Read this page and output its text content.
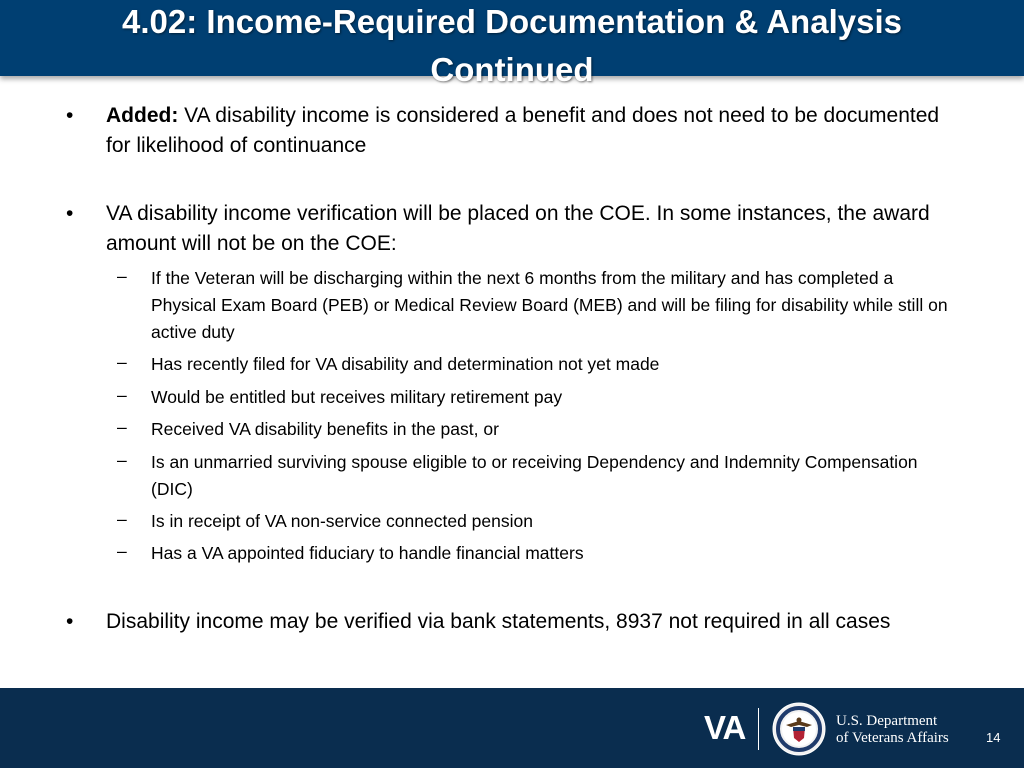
4.02: Income-Required Documentation & Analysis Continued
• Added: VA disability income is considered a benefit and does not need to be documented for likelihood of continuance
• VA disability income verification will be placed on the COE. In some instances, the award amount will not be on the COE:
– If the Veteran will be discharging within the next 6 months from the military and has completed a Physical Exam Board (PEB) or Medical Review Board (MEB) and will be filing for disability while still on active duty
– Has recently filed for VA disability and determination not yet made
– Would be entitled but receives military retirement pay
– Received VA disability benefits in the past, or
– Is an unmarried surviving spouse eligible to or receiving Dependency and Indemnity Compensation (DIC)
– Is in receipt of VA non-service connected pension
– Has a VA appointed fiduciary to handle financial matters
• Disability income may be verified via bank statements, 8937 not required in all cases
VA	U.S. Department
of Veterans Affairs	14
